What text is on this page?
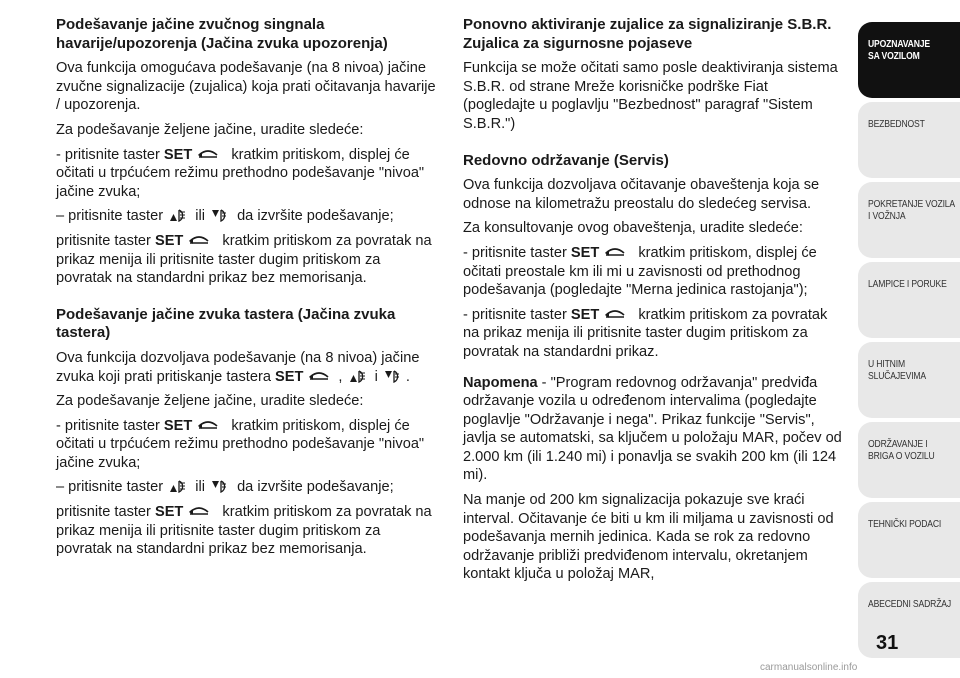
Podešavanje jačine zvučnog singnala havarije/upozorenja (Jačina zvuka upozorenja)
Ova funkcija omogućava podešavanje (na 8 nivoa) jačine zvučne signalizacije (zujalica) koja prati očitavanja havarije / upozorenja.
Za podešavanje željene jačine, uradite sledeće:
- pritisnite taster SET	kratkim pritiskom, displej će očitati u trpćućem režimu prethodno podešavanje "nivoa" jačine zvuka;
– pritisnite taster ili da izvršite podešavanje;
pritisnite taster SET	kratkim pritiskom za povratak na prikaz menija ili pritisnite taster dugim pritiskom za povratak na standardni prikaz bez memorisanja.
Podešavanje jačine zvuka tastera (Jačina zvuka tastera)
Ova funkcija dozvoljava podešavanje (na 8 nivoa) jačine zvuka koji prati pritiskanje tastera SET , i .
Za podešavanje željene jačine, uradite sledeće:
- pritisnite taster SET	kratkim pritiskom, displej će očitati u trpćućem režimu prethodno podešavanje "nivoa" jačine zvuka;
– pritisnite taster ili da izvršite podešavanje;
pritisnite taster SET	kratkim pritiskom za povratak na prikaz menija ili pritisnite taster dugim pritiskom za povratak na standardni prikaz bez memorisanja.
Ponovno aktiviranje zujalice za signaliziranje S.B.R. Zujalica za sigurnosne pojaseve
Funkcija se može očitati samo posle deaktiviranja sistema S.B.R. od strane Mreže korisničke podrške Fiat (pogledajte u poglavlju "Bezbednost" paragraf "Sistem S.B.R.")
Redovno održavanje (Servis)
Ova funkcija dozvoljava očitavanje obaveštenja koja se odnose na kilometražu preostalu do sledećeg servisa.
Za konsultovanje ovog obaveštenja, uradite sledeće:
- pritisnite taster SET	kratkim pritiskom, displej će očitati preostale km ili mi u zavisnosti od prethodnog podešavanja (pogledajte "Merna jedinica rastojanja");
- pritisnite taster SET	kratkim pritiskom za povratak na prikaz menija ili pritisnite taster dugim pritiskom za povratak na standardni prikaz.
Napomena - "Program redovnog održavanja" predviđa održavanje vozila u određenom intervalima (pogledajte poglavlje "Održavanje i nega". Prikaz funkcije "Servis", javlja se automatski, sa ključem u položaju MAR, počev od 2.000 km (ili 1.240 mi) i ponavlja se svakih 200 km (ili 124 mi).
Na manje od 200 km signalizacija pokazuje sve kraći interval. Očitavanje će biti u km ili miljama u zavisnosti od podešavanja mernih jedinica. Kada se rok za redovno održavanje približi predviđenom intervalu, okretanjem kontakt ključa u položaj MAR,
UPOZNAVANJE
SA VOZILOM
BEZBEDNOST
POKRETANJE VOZILA
I VOŽNJA
LAMPICE I PORUKE
U HITNIM
SLUČAJEVIMA
ODRŽAVANJE I
BRIGA O VOZILU
TEHNIČKI PODACI
ABECEDNI SADRŽAJ
31
carmanualsonline.info
